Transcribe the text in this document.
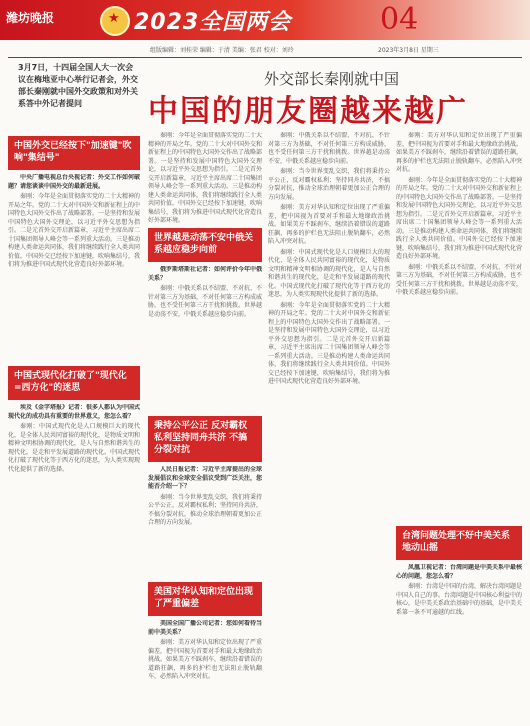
潍坊晚报
★	2023全国两会	04
组版编辑：刘桂荣 编辑：于清 美编：张君 校对：刘玲	2023年3月8日 星期三
3月7日，十四届全国人大一次会议在梅地亚中心举行记者会，外交部长秦刚就中国外交政策和对外关系答中外记者提问
外交部长秦刚就中国
中国的朋友圈越来越广
中国外交已经按下"加速键"吹响"集结号"

中央广播电视总台央视记者：外交工作如何破题？请您谈谈中国外交的最新进展。

秦刚：今年是全面贯彻落实党的二十大精神的开局之年。党的二十大对中国外交和新征程上的中国特色大国外交作出了战略部署。一是坚持和发展中国特色大国外交理论，以习近平外交思想为指引。二是元首外交开启新篇章，习近平主席出席二十国集团领导人峰会等一系列重大活动。三是推动构建人类命运共同体，我们将继续践行全人类共同价值。中国外交已经按下加速键，吹响集结号，我们将为推进中国式现代化营造良好外部环境。

中国式现代化打破了"现代化=西方化"的迷思

埃及《金字塔报》记者：很多人都认为中国式现代化的成功具有重要的世界意义，您怎么看？

秦刚：中国式现代化是人口规模巨大的现代化，是全体人民共同富裕的现代化，是物质文明和精神文明相协调的现代化，是人与自然和谐共生的现代化，是走和平发展道路的现代化。中国式现代化打破了现代化等于西方化的迷思，为人类实现现代化提供了新的选择。

秦刚：今年是全面贯彻落实党的二十大精神的开局之年。党的二十大对中国外交和新征程上的中国特色大国外交作出了战略部署。一是坚持和发展中国特色大国外交理论，以习近平外交思想为指引。二是元首外交开启新篇章，习近平主席出席二十国集团领导人峰会等一系列重大活动。三是推动构建人类命运共同体，我们将继续践行全人类共同价值。中国外交已经按下加速键，吹响集结号，我们将为推进中国式现代化营造良好外部环境。

世界越是动荡不安中俄关系越应稳步向前

俄罗斯塔斯社记者：如何评价今年中俄关系？

秦刚：中俄关系以不结盟、不对抗、不针对第三方为基础，不对任何第三方构成威胁，也不受任何第三方干扰和挑拨。世界越是动荡不安，中俄关系越应稳步向前。

秉持公平公正 反对霸权私利坚持同舟共济 不搞分裂对抗

人民日报记者：习近平主席提出的全球发展倡议和全球安全倡议受到广泛关注，您能否介绍一下？

秦刚：当今世界变乱交织，我们将秉持公平公正，反对霸权私利；坚持同舟共济，不搞分裂对抗，推动全球治理朝着更加公正合理的方向发展。

美国对华认知和定位出现了严重偏差

美国全国广播公司记者：您如何看待当前中美关系？

秦刚：美方对华认知和定位出现了严重偏差，把中国视为首要对手和最大地缘政治挑战。如果美方不踩刹车，继续沿着错误的道路狂飙，再多的护栏也无法阻止脱轨翻车，必然陷入冲突对抗。

秦刚：中俄关系以不结盟、不对抗、不针对第三方为基础，不对任何第三方构成威胁，也不受任何第三方干扰和挑拨。世界越是动荡不安，中俄关系越应稳步向前。

秦刚：当今世界变乱交织，我们将秉持公平公正，反对霸权私利；坚持同舟共济，不搞分裂对抗，推动全球治理朝着更加公正合理的方向发展。

秦刚：美方对华认知和定位出现了严重偏差，把中国视为首要对手和最大地缘政治挑战。如果美方不踩刹车，继续沿着错误的道路狂飙，再多的护栏也无法阻止脱轨翻车，必然陷入冲突对抗。

秦刚：中国式现代化是人口规模巨大的现代化，是全体人民共同富裕的现代化，是物质文明和精神文明相协调的现代化，是人与自然和谐共生的现代化，是走和平发展道路的现代化。中国式现代化打破了现代化等于西方化的迷思，为人类实现现代化提供了新的选择。

秦刚：今年是全面贯彻落实党的二十大精神的开局之年。党的二十大对中国外交和新征程上的中国特色大国外交作出了战略部署。一是坚持和发展中国特色大国外交理论，以习近平外交思想为指引。二是元首外交开启新篇章，习近平主席出席二十国集团领导人峰会等一系列重大活动。三是推动构建人类命运共同体，我们将继续践行全人类共同价值。中国外交已经按下加速键，吹响集结号，我们将为推进中国式现代化营造良好外部环境。

秦刚：美方对华认知和定位出现了严重偏差，把中国视为首要对手和最大地缘政治挑战。如果美方不踩刹车，继续沿着错误的道路狂飙，再多的护栏也无法阻止脱轨翻车，必然陷入冲突对抗。

秦刚：今年是全面贯彻落实党的二十大精神的开局之年。党的二十大对中国外交和新征程上的中国特色大国外交作出了战略部署。一是坚持和发展中国特色大国外交理论，以习近平外交思想为指引。二是元首外交开启新篇章，习近平主席出席二十国集团领导人峰会等一系列重大活动。三是推动构建人类命运共同体，我们将继续践行全人类共同价值。中国外交已经按下加速键，吹响集结号，我们将为推进中国式现代化营造良好外部环境。

秦刚：中俄关系以不结盟、不对抗、不针对第三方为基础，不对任何第三方构成威胁，也不受任何第三方干扰和挑拨。世界越是动荡不安，中俄关系越应稳步向前。

台湾问题处理不好中美关系地动山摇

凤凰卫视记者：台湾问题是中美关系中最核心的问题，您怎么看？

秦刚：台湾是中国的台湾，解决台湾问题是中国人自己的事。台湾问题是中国核心利益中的核心，是中美关系政治基础中的基础，是中美关系第一条不可逾越的红线。
